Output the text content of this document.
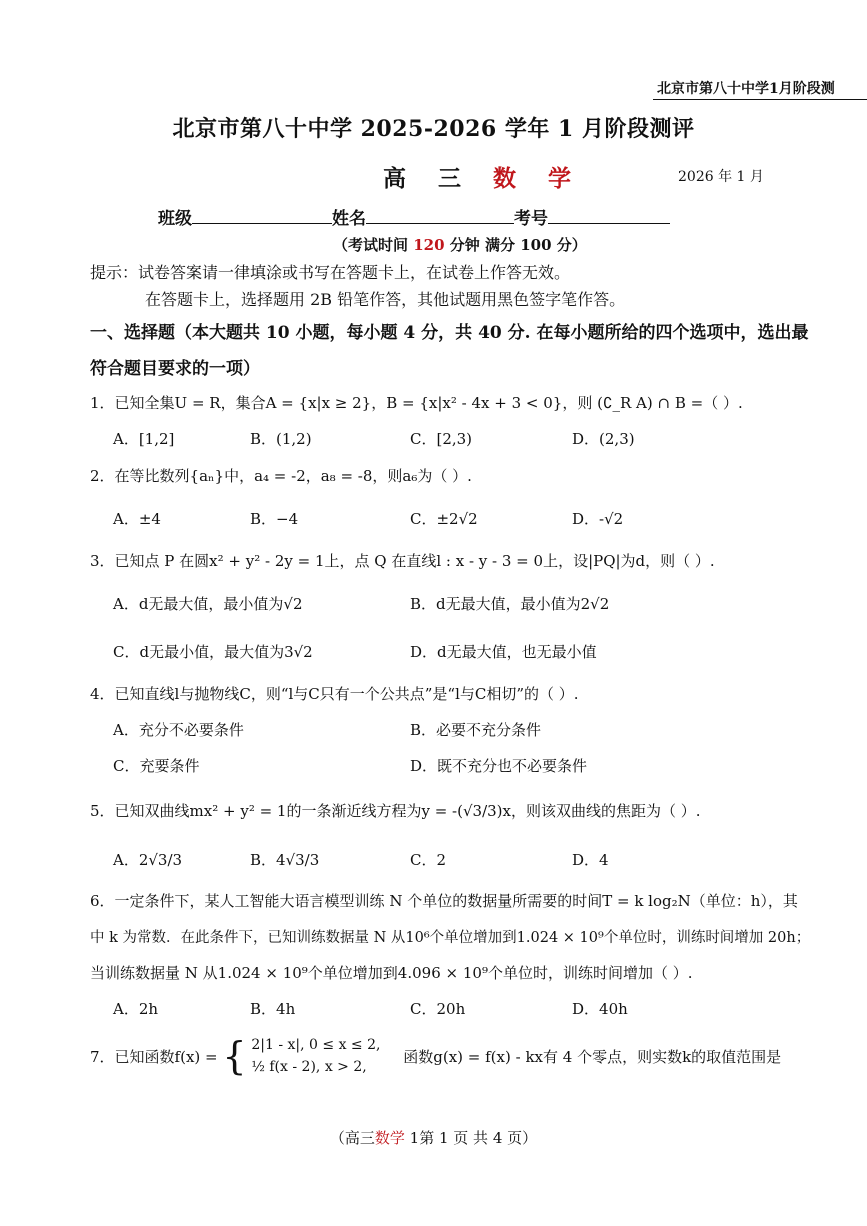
北京市第八十中学1月阶段测
北京市第八十中学 2025-2026 学年 1 月阶段测评
高 三 数 学	2026 年 1 月
班级	姓名	考号
（考试时间 120 分钟 满分 100 分）
提示：试卷答案请一律填涂或书写在答题卡上，在试卷上作答无效。
在答题卡上，选择题用 2B 铅笔作答，其他试题用黑色签字笔作答。
一、选择题（本大题共 10 小题，每小题 4 分，共 40 分. 在每小题所给的四个选项中，选出最
符合题目要求的一项）
1．已知全集U = R，集合A = {x|x ≥ 2}，B = {x|x² - 4x + 3 < 0}，则 (∁_R A) ∩ B =（ ）.
A．[1,2]	B．(1,2)	C．[2,3)	D．(2,3)
2．在等比数列{aₙ}中，a₄ = -2，a₈ = -8，则a₆为（ ）.
A．±4	B．−4	C．±2√2	D．-√2
3．已知点 P 在圆x² + y² - 2y = 1上，点 Q 在直线l : x - y - 3 = 0上，设|PQ|为d，则（ ）.
A．d无最大值，最小值为√2	B．d无最大值，最小值为2√2
C．d无最小值，最大值为3√2	D．d无最大值，也无最小值
4．已知直线l与抛物线C，则“l与C只有一个公共点”是“l与C相切”的（ ）.
A．充分不必要条件	B．必要不充分条件
C．充要条件	D．既不充分也不必要条件
5．已知双曲线mx² + y² = 1的一条渐近线方程为y = -(√3/3)x，则该双曲线的焦距为（ ）.
A．2√3/3	B．4√3/3	C．2	D．4
6．一定条件下，某人工智能大语言模型训练 N 个单位的数据量所需要的时间T = k log₂N（单位：h），其
中 k 为常数．在此条件下，已知训练数据量 N 从10⁶个单位增加到1.024 × 10⁹个单位时，训练时间增加 20h；
当训练数据量 N 从1.024 × 10⁹个单位增加到4.096 × 10⁹个单位时，训练时间增加（ ）.
A．2h	B．4h	C．20h	D．40h
7．已知函数f(x) = { 2|1 - x|, 0 ≤ x ≤ 2,
½ f(x - 2), x > 2,
函数g(x) = f(x) - kx有 4 个零点，则实数k的取值范围是
（高三数学 1第 1 页 共 4 页）
